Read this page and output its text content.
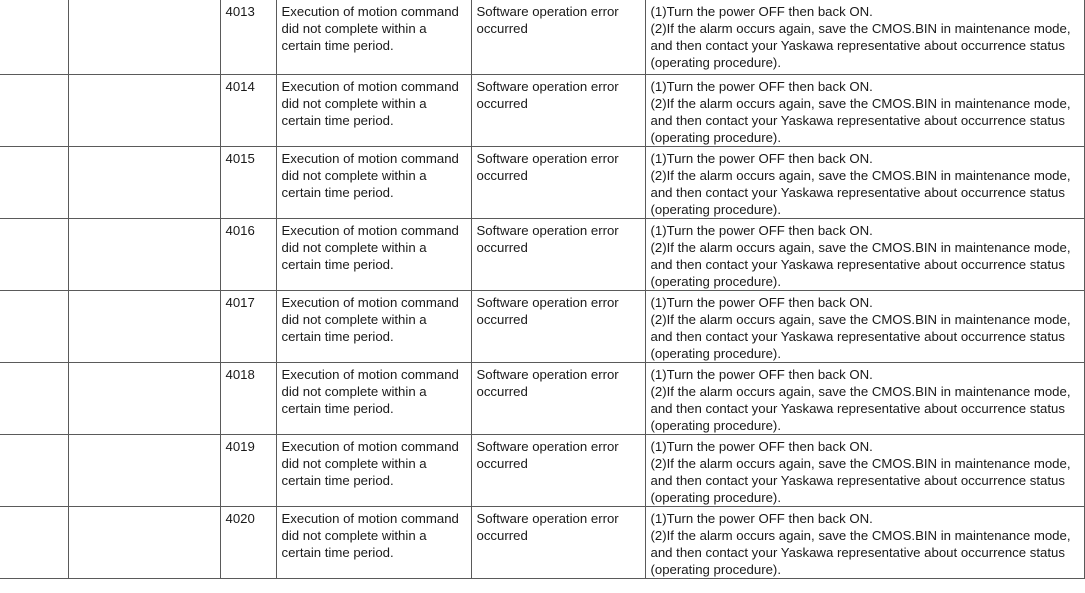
		4013	Execution of motion command did not complete within a certain time period.	Software operation error occurred	(1)Turn the power OFF then back ON.
(2)If the alarm occurs again, save the CMOS.BIN in maintenance mode, and then contact your Yaskawa representative about occurrence status (operating procedure).

		4014	Execution of motion command did not complete within a certain time period.	Software operation error occurred	(1)Turn the power OFF then back ON.
(2)If the alarm occurs again, save the CMOS.BIN in maintenance mode, and then contact your Yaskawa representative about occurrence status (operating procedure).

		4015	Execution of motion command did not complete within a certain time period.	Software operation error occurred	(1)Turn the power OFF then back ON.
(2)If the alarm occurs again, save the CMOS.BIN in maintenance mode, and then contact your Yaskawa representative about occurrence status (operating procedure).

		4016	Execution of motion command did not complete within a certain time period.	Software operation error occurred	(1)Turn the power OFF then back ON.
(2)If the alarm occurs again, save the CMOS.BIN in maintenance mode, and then contact your Yaskawa representative about occurrence status (operating procedure).

		4017	Execution of motion command did not complete within a certain time period.	Software operation error occurred	(1)Turn the power OFF then back ON.
(2)If the alarm occurs again, save the CMOS.BIN in maintenance mode, and then contact your Yaskawa representative about occurrence status (operating procedure).

		4018	Execution of motion command did not complete within a certain time period.	Software operation error occurred	(1)Turn the power OFF then back ON.
(2)If the alarm occurs again, save the CMOS.BIN in maintenance mode, and then contact your Yaskawa representative about occurrence status (operating procedure).

		4019	Execution of motion command did not complete within a certain time period.	Software operation error occurred	(1)Turn the power OFF then back ON.
(2)If the alarm occurs again, save the CMOS.BIN in maintenance mode, and then contact your Yaskawa representative about occurrence status (operating procedure).

		4020	Execution of motion command did not complete within a certain time period.	Software operation error occurred	(1)Turn the power OFF then back ON.
(2)If the alarm occurs again, save the CMOS.BIN in maintenance mode, and then contact your Yaskawa representative about occurrence status (operating procedure).
